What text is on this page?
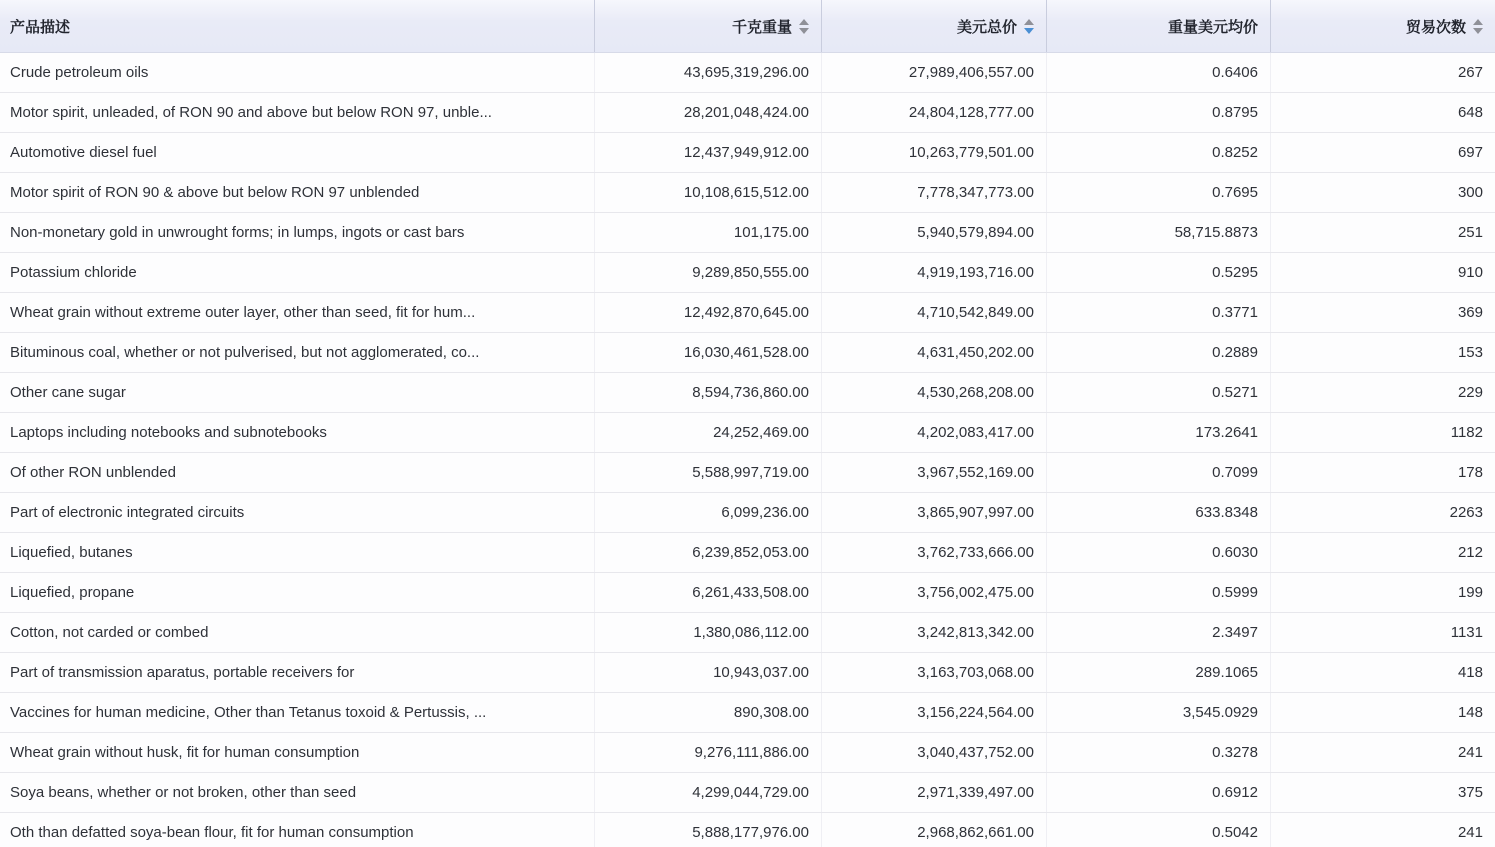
产品描述	千克重量	美元总价	重量美元均价	贸易次数
Crude petroleum oils	43,695,319,296.00	27,989,406,557.00	0.6406	267
Motor spirit, unleaded, of RON 90 and above but below RON 97, unble...	28,201,048,424.00	24,804,128,777.00	0.8795	648
Automotive diesel fuel	12,437,949,912.00	10,263,779,501.00	0.8252	697
Motor spirit of RON 90 & above but below RON 97 unblended	10,108,615,512.00	7,778,347,773.00	0.7695	300
Non-monetary gold in unwrought forms; in lumps, ingots or cast bars	101,175.00	5,940,579,894.00	58,715.8873	251
Potassium chloride	9,289,850,555.00	4,919,193,716.00	0.5295	910
Wheat grain without extreme outer layer, other than seed, fit for hum...	12,492,870,645.00	4,710,542,849.00	0.3771	369
Bituminous coal, whether or not pulverised, but not agglomerated, co...	16,030,461,528.00	4,631,450,202.00	0.2889	153
Other cane sugar	8,594,736,860.00	4,530,268,208.00	0.5271	229
Laptops including notebooks and subnotebooks	24,252,469.00	4,202,083,417.00	173.2641	1182
Of other RON unblended	5,588,997,719.00	3,967,552,169.00	0.7099	178
Part of electronic integrated circuits	6,099,236.00	3,865,907,997.00	633.8348	2263
Liquefied, butanes	6,239,852,053.00	3,762,733,666.00	0.6030	212
Liquefied, propane	6,261,433,508.00	3,756,002,475.00	0.5999	199
Cotton, not carded or combed	1,380,086,112.00	3,242,813,342.00	2.3497	1131
Part of transmission aparatus, portable receivers for	10,943,037.00	3,163,703,068.00	289.1065	418
Vaccines for human medicine, Other than Tetanus toxoid & Pertussis, ...	890,308.00	3,156,224,564.00	3,545.0929	148
Wheat grain without husk, fit for human consumption	9,276,111,886.00	3,040,437,752.00	0.3278	241
Soya beans, whether or not broken, other than seed	4,299,044,729.00	2,971,339,497.00	0.6912	375
Oth than defatted soya-bean flour, fit for human consumption	5,888,177,976.00	2,968,862,661.00	0.5042	241
